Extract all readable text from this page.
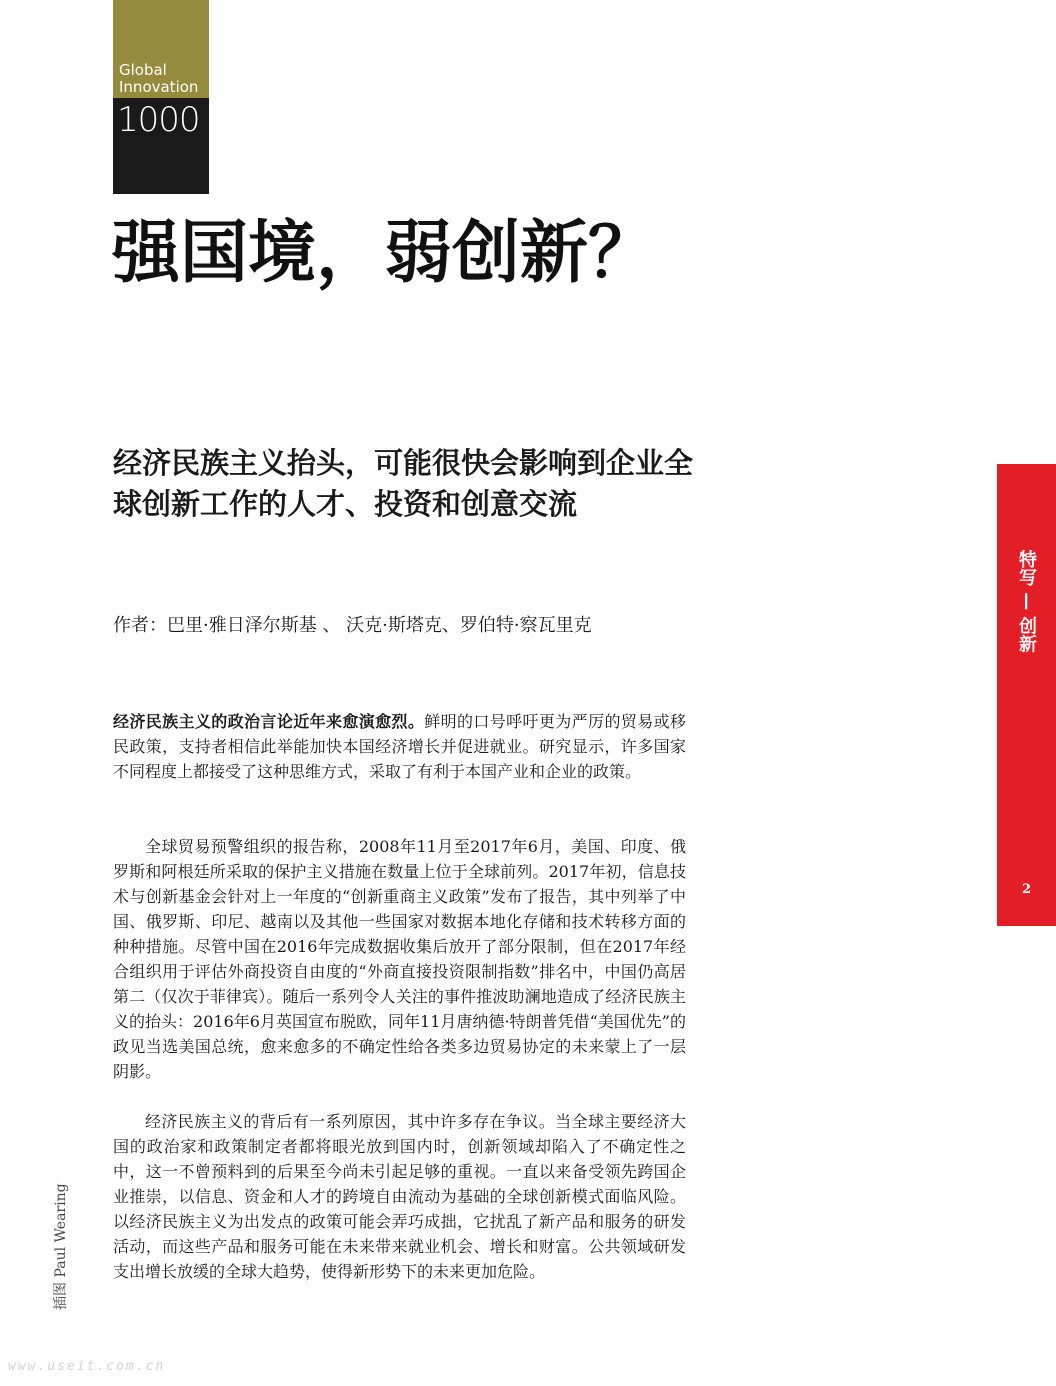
Global
Innovation
1000
强国境，弱创新？
经济民族主义抬头，可能很快会影响到企业全球创新工作的人才、投资和创意交流
作者：巴里·雅日泽尔斯基 、 沃克·斯塔克、罗伯特·察瓦里克

经济民族主义的政治言论近年来愈演愈烈。鲜明的口号呼吁更为严厉的贸易或移民政策，支持者相信此举能加快本国经济增长并促进就业。研究显示，许多国家不同程度上都接受了这种思维方式，采取了有利于本国产业和企业的政策。

全球贸易预警组织的报告称，2008年11月至2017年6月，美国、印度、俄罗斯和阿根廷所采取的保护主义措施在数量上位于全球前列。2017年初，信息技术与创新基金会针对上一年度的“创新重商主义政策”发布了报告，其中列举了中国、俄罗斯、印尼、越南以及其他一些国家对数据本地化存储和技术转移方面的种种措施。尽管中国在2016年完成数据收集后放开了部分限制，但在2017年经合组织用于评估外商投资自由度的“外商直接投资限制指数”排名中，中国仍高居第二（仅次于菲律宾）。随后一系列令人关注的事件推波助澜地造成了经济民族主义的抬头：2016年6月英国宣布脱欧，同年11月唐纳德·特朗普凭借“美国优先”的政见当选美国总统，愈来愈多的不确定性给各类多边贸易协定的未来蒙上了一层阴影。

经济民族主义的背后有一系列原因，其中许多存在争议。当全球主要经济大国的政治家和政策制定者都将眼光放到国内时，创新领域却陷入了不确定性之中，这一不曾预料到的后果至今尚未引起足够的重视。一直以来备受领先跨国企业推崇，以信息、资金和人才的跨境自由流动为基础的全球创新模式面临风险。以经济民族主义为出发点的政策可能会弄巧成拙，它扰乱了新产品和服务的研发活动，而这些产品和服务可能在未来带来就业机会、增长和财富。公共领域研发支出增长放缓的全球大趋势，使得新形势下的未来更加危险。

特写 — 创新
2
插图 Paul Wearing
www.useit.com.cn
